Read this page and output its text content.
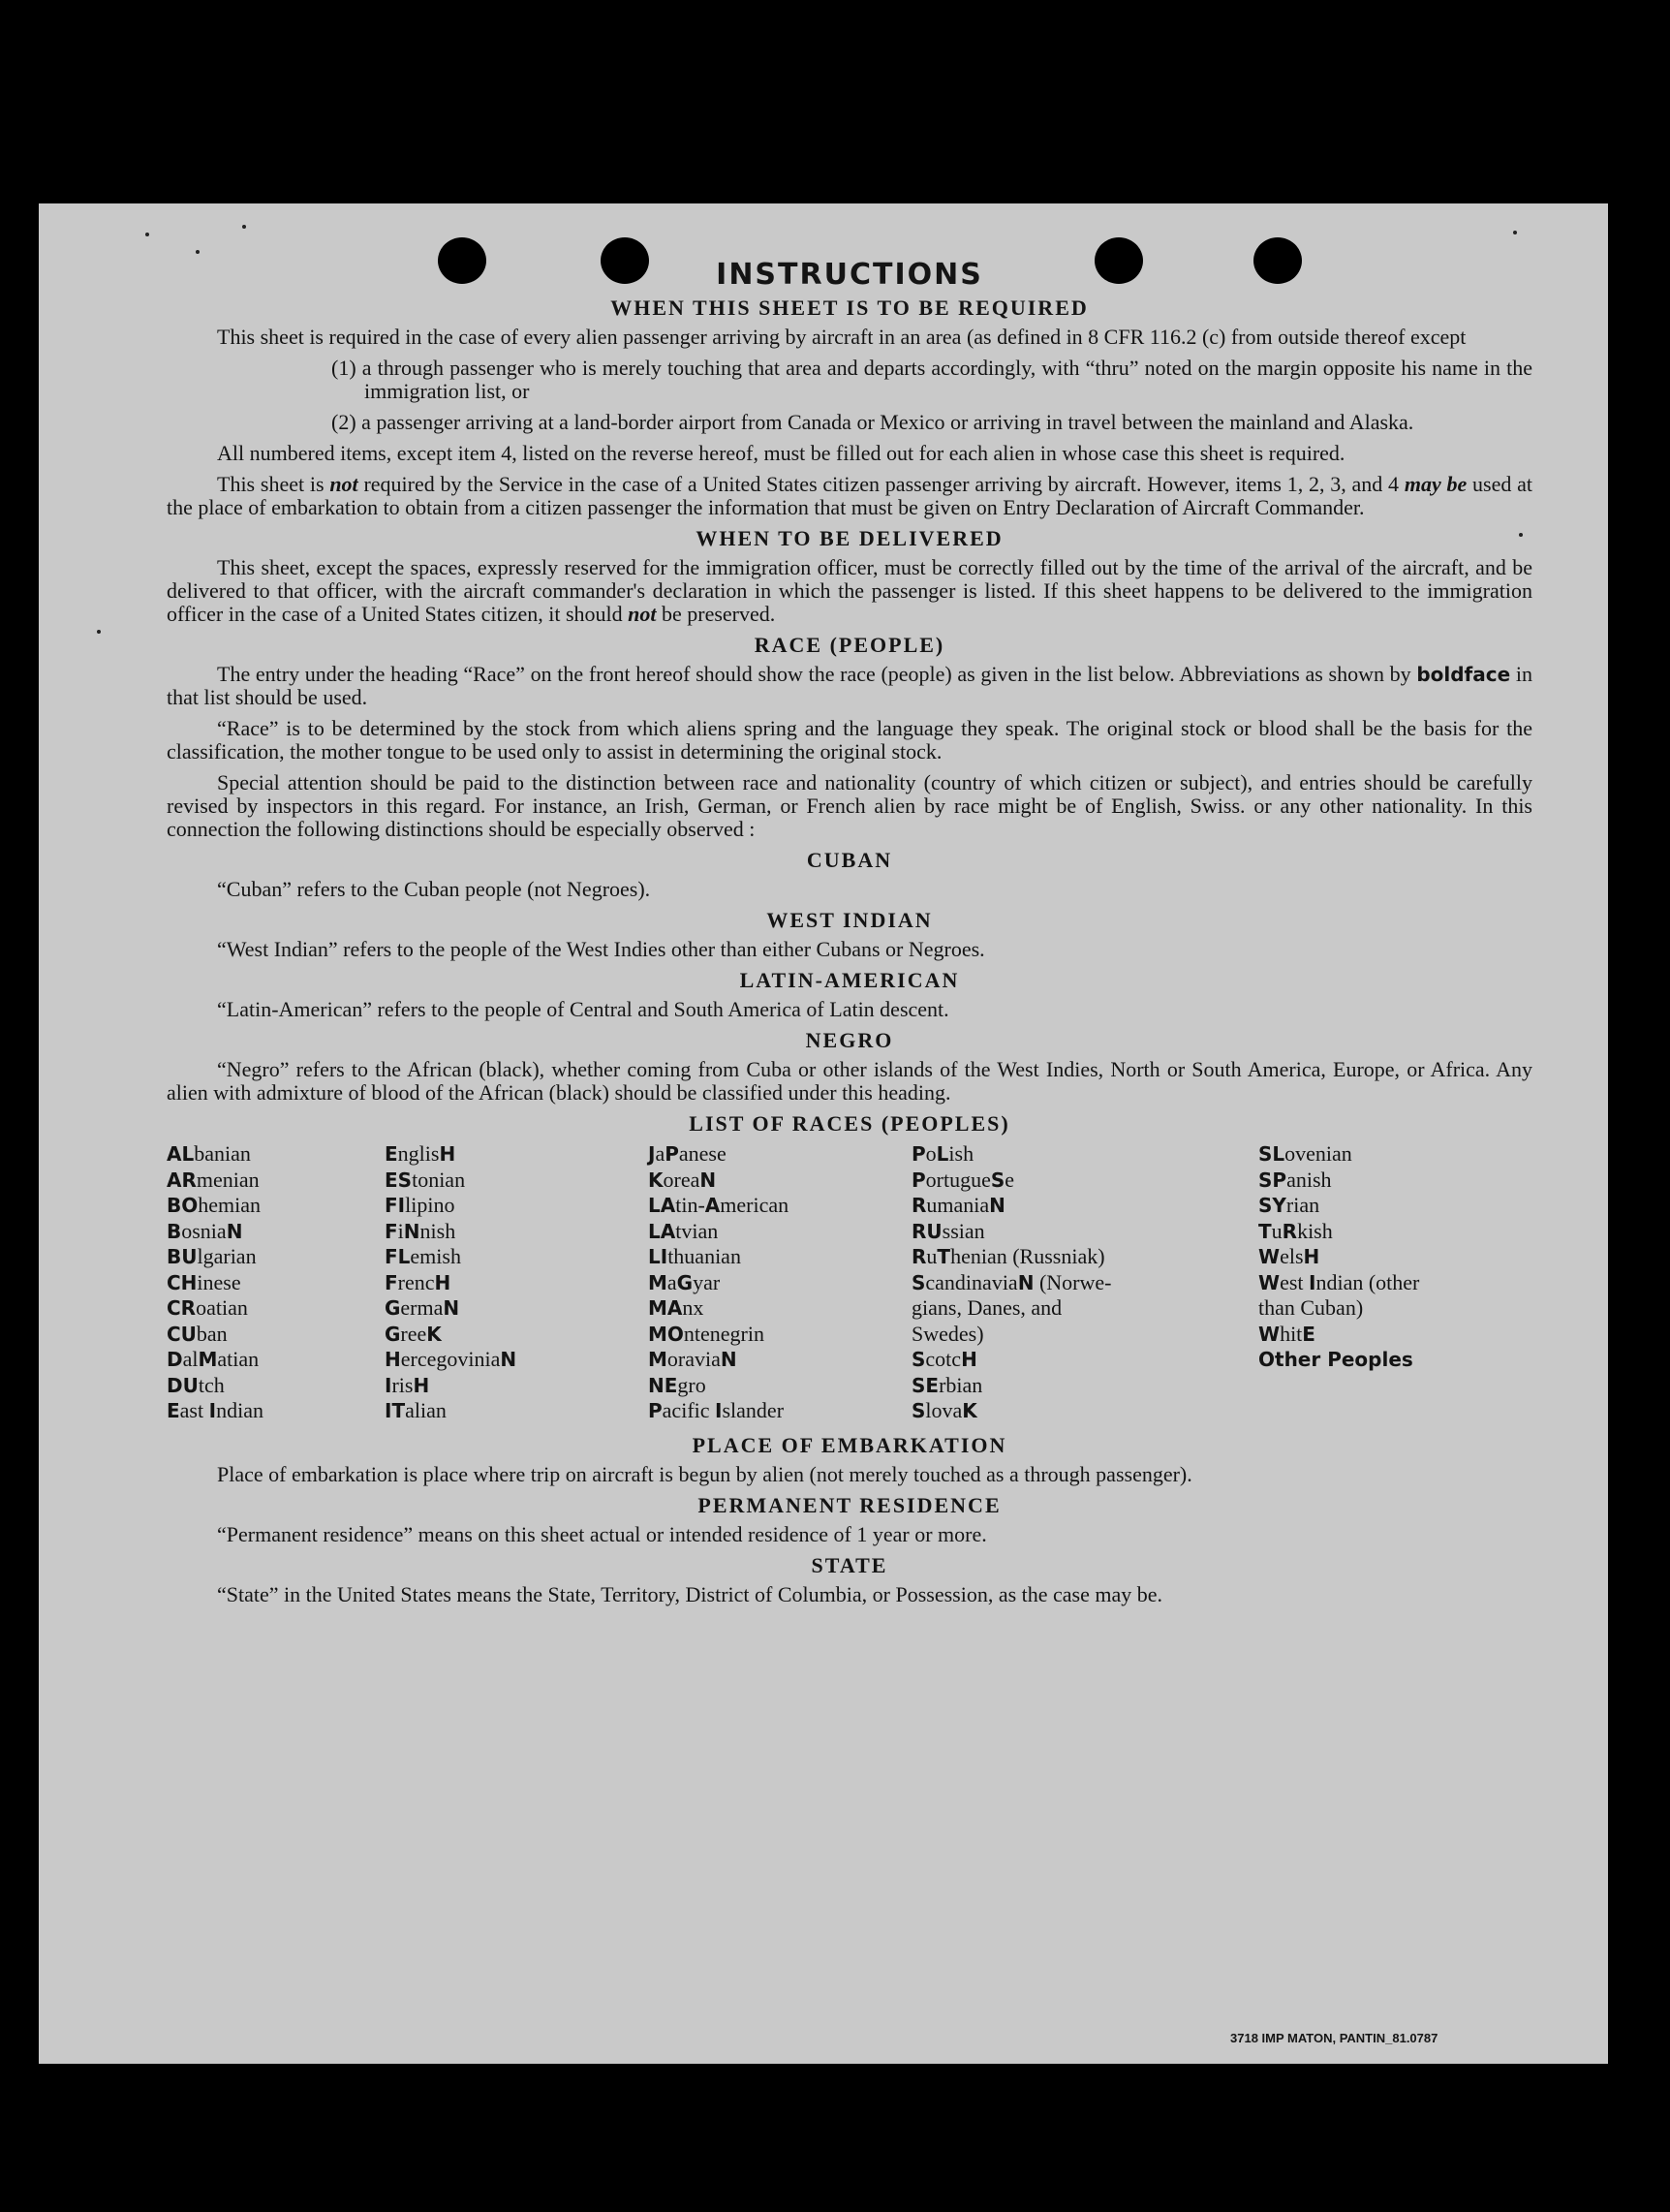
INSTRUCTIONS
WHEN THIS SHEET IS TO BE REQUIRED

This sheet is required in the case of every alien passenger arriving by aircraft in an area (as defined in 8 CFR 116.2 (c) from outside thereof except

(1) a through passenger who is merely touching that area and departs accordingly, with “thru” noted on the margin opposite his name in the immigration list, or

(2) a passenger arriving at a land-border airport from Canada or Mexico or arriving in travel between the mainland and Alaska.

All numbered items, except item 4, listed on the reverse hereof, must be filled out for each alien in whose case this sheet is required.

This sheet is not required by the Service in the case of a United States citizen passenger arriving by aircraft. However, items 1, 2, 3, and 4 may be used at the place of embarkation to obtain from a citizen passenger the information that must be given on Entry Declaration of Aircraft Commander.

WHEN TO BE DELIVERED

This sheet, except the spaces, expressly reserved for the immigration officer, must be correctly filled out by the time of the arrival of the aircraft, and be delivered to that officer, with the aircraft commander's declaration in which the passenger is listed. If this sheet happens to be delivered to the immigration officer in the case of a United States citizen, it should not be preserved.

RACE (PEOPLE)

The entry under the heading “Race” on the front hereof should show the race (people) as given in the list below. Abbreviations as shown by boldface in that list should be used.

“Race” is to be determined by the stock from which aliens spring and the language they speak. The original stock or blood shall be the basis for the classification, the mother tongue to be used only to assist in determining the original stock.

Special attention should be paid to the distinction between race and nationality (country of which citizen or subject), and entries should be carefully revised by inspectors in this regard. For instance, an Irish, German, or French alien by race might be of English, Swiss. or any other nationality. In this connection the following distinctions should be especially observed :

CUBAN

“Cuban” refers to the Cuban people (not Negroes).

WEST INDIAN

“West Indian” refers to the people of the West Indies other than either Cubans or Negroes.

LATIN-AMERICAN

“Latin-American” refers to the people of Central and South America of Latin descent.

NEGRO

“Negro” refers to the African (black), whether coming from Cuba or other islands of the West Indies, North or South America, Europe, or Africa. Any alien with admixture of blood of the African (black) should be classified under this heading.

LIST OF RACES (PEOPLES)
ALbanian
ARmenian
BOhemian
BosniaN
BUlgarian
CHinese
CRoatian
CUban
DalMatian
DUtch
East Indian
EnglisH
EStonian
FIlipino
FiNnish
FLemish
FrencH
GermaN
GreeK
HercegoviniaN
IrisH
ITalian
JaPanese
KoreaN
LAtin-American
LAtvian
LIthuanian
MaGyar
MAnx
MOntenegrin
MoraviaN
NEgro
Pacific Islander
PoLish
PortugueSe
RumaniaN
RUssian
RuThenian (Russniak)
ScandinaviaN (Norwe-
gians, Danes, and
Swedes)
ScotcH
SErbian
SlovaK
SLovenian
SPanish
SYrian
TuRkish
WelsH
West Indian (other
than Cuban)
WhitE
Other Peoples
PLACE OF EMBARKATION

Place of embarkation is place where trip on aircraft is begun by alien (not merely touched as a through passenger).

PERMANENT RESIDENCE

“Permanent residence” means on this sheet actual or intended residence of 1 year or more.

STATE

“State” in the United States means the State, Territory, District of Columbia, or Possession, as the case may be.

3718 IMP MATON, PANTIN_81.0787
